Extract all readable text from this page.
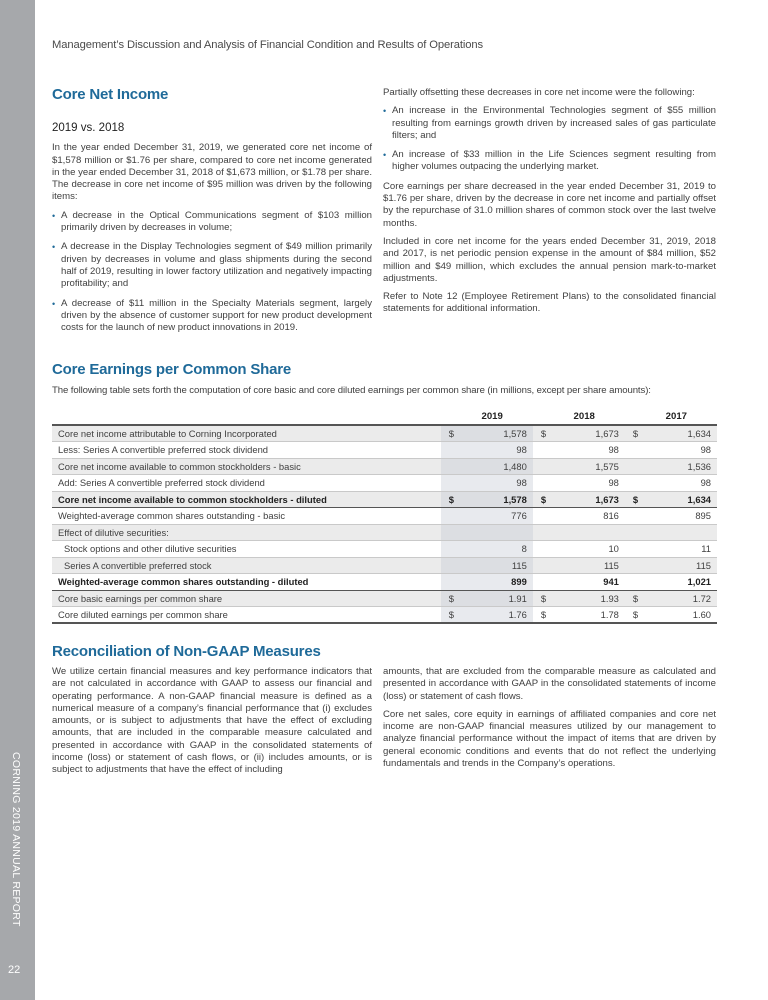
CORNING 2019 ANNUAL REPORT
22
Management’s Discussion and Analysis of Financial Condition and Results of Operations
Core Net Income
2019 vs. 2018

In the year ended December 31, 2019, we generated core net income of $1,578 million or $1.76 per share, compared to core net income generated in the year ended December 31, 2018 of $1,673 million, or $1.78 per share. The decrease in core net income of $95 million was driven by the following items:

• A decrease in the Optical Communications segment of $103 million primarily driven by decreases in volume;
• A decrease in the Display Technologies segment of $49 million primarily driven by decreases in volume and glass shipments during the second half of 2019, resulting in lower factory utilization and negatively impacting profitability; and
• A decrease of $11 million in the Specialty Materials segment, largely driven by the absence of customer support for new product development costs for the launch of new product innovations in 2019.

Partially offsetting these decreases in core net income were the following:

• An increase in the Environmental Technologies segment of $55 million resulting from earnings growth driven by increased sales of gas particulate filters; and
• An increase of $33 million in the Life Sciences segment resulting from higher volumes outpacing the underlying market.

Core earnings per share decreased in the year ended December 31, 2019 to $1.76 per share, driven by the decrease in core net income and partially offset by the repurchase of 31.0 million shares of common stock over the last twelve months.

Included in core net income for the years ended December 31, 2019, 2018 and 2017, is net periodic pension expense in the amount of $84 million, $52 million and $49 million, which excludes the annual pension mark-to-market adjustments.

Refer to Note 12 (Employee Retirement Plans) to the consolidated financial statements for additional information.

Core Earnings per Common Share
The following table sets forth the computation of core basic and core diluted earnings per common share (in millions, except per share amounts):
	2019		2018		2017	
Core net income attributable to Corning Incorporated	$	1,578	$	1,673	$	1,634
Less: Series A convertible preferred stock dividend		98		98		98
Core net income available to common stockholders - basic		1,480		1,575		1,536
Add: Series A convertible preferred stock dividend		98		98		98
Core net income available to common stockholders - diluted	$	1,578	$	1,673	$	1,634
Weighted-average common shares outstanding - basic		776		816		895
Effect of dilutive securities:						
Stock options and other dilutive securities		8		10		11
Series A convertible preferred stock		115		115		115
Weighted-average common shares outstanding - diluted		899		941		1,021
Core basic earnings per common share	$	1.91	$	1.93	$	1.72
Core diluted earnings per common share	$	1.76	$	1.78	$	1.60
Reconciliation of Non-GAAP Measures

We utilize certain financial measures and key performance indicators that are not calculated in accordance with GAAP to assess our financial and operating performance. A non-GAAP financial measure is defined as a numerical measure of a company’s financial performance that (i) excludes amounts, or is subject to adjustments that have the effect of excluding amounts, that are included in the comparable measure calculated and presented in accordance with GAAP in the consolidated statements of income (loss) or statement of cash flows, or (ii) includes amounts, or is subject to adjustments that have the effect of including

amounts, that are excluded from the comparable measure as calculated and presented in accordance with GAAP in the consolidated statements of income (loss) or statement of cash flows.

Core net sales, core equity in earnings of affiliated companies and core net income are non-GAAP financial measures utilized by our management to analyze financial performance without the impact of items that are driven by general economic conditions and events that do not reflect the underlying fundamentals and trends in the Company’s operations.
